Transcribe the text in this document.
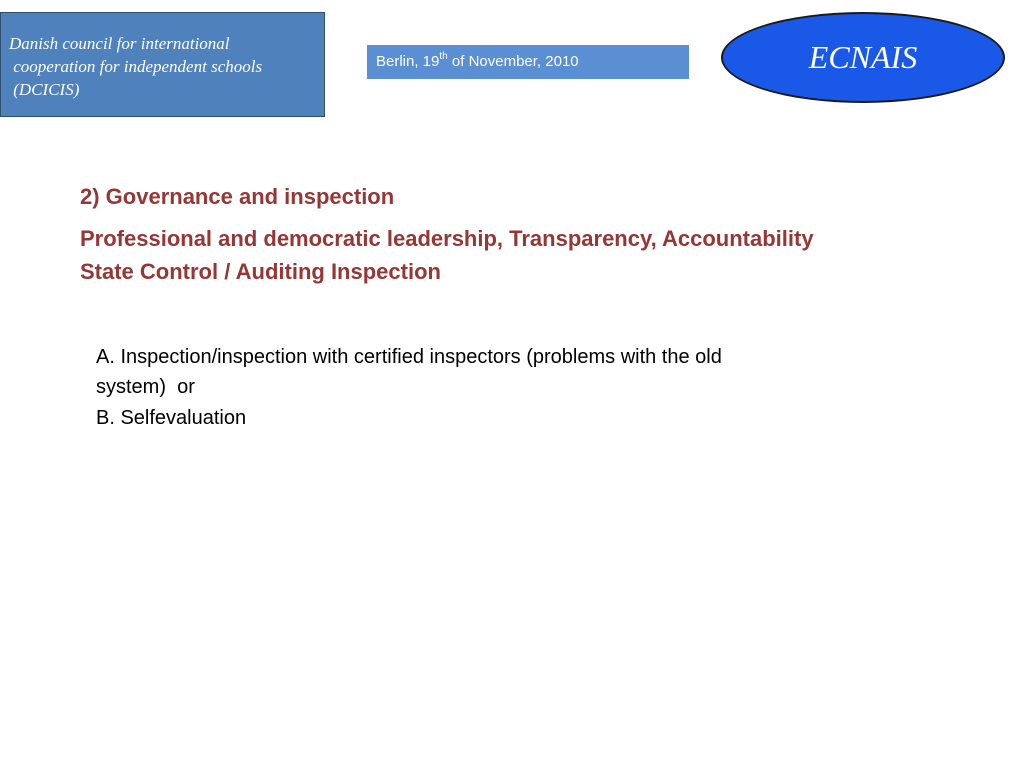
Danish council for international
cooperation for independent schools
(DCICIS)
Berlin, 19th of November, 2010	ECNAIS
2) Governance and inspection
Professional and democratic leadership, Transparency, Accountability
State Control / Auditing Inspection
A. Inspection/inspection with certified inspectors (problems with the old
system)  or
B. Selfevaluation
